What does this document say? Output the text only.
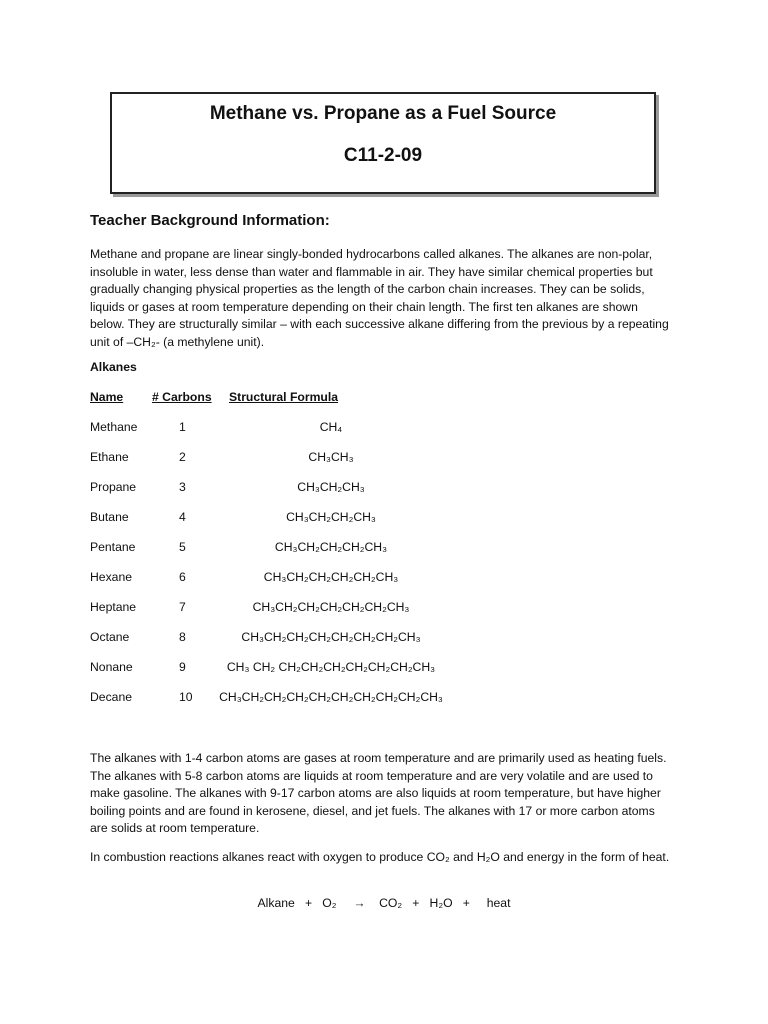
Methane vs. Propane as a Fuel Source
C11-2-09
Teacher Background Information:
Methane and propane are linear singly-bonded hydrocarbons called alkanes. The alkanes are non-polar, insoluble in water, less dense than water and flammable in air. They have similar chemical properties but gradually changing physical properties as the length of the carbon chain increases. They can be solids, liquids or gases at room temperature depending on their chain length. The first ten alkanes are shown below. They are structurally similar – with each successive alkane differing from the previous by a repeating unit of –CH₂- (a methylene unit).
Alkanes
Name # Carbons Structural Formula
Methane	1	CH₄
Ethane	2	CH₃CH₃
Propane	3	CH₃CH₂CH₃
Butane	4	CH₃CH₂CH₂CH₃
Pentane	5	CH₃CH₂CH₂CH₂CH₃
Hexane	6	CH₃CH₂CH₂CH₂CH₂CH₃
Heptane	7	CH₃CH₂CH₂CH₂CH₂CH₂CH₃
Octane	8	CH₃CH₂CH₂CH₂CH₂CH₂CH₂CH₃
Nonane	9	CH₃ CH₂ CH₂CH₂CH₂CH₂CH₂CH₂CH₃
Decane	10	CH₃CH₂CH₂CH₂CH₂CH₂CH₂CH₂CH₂CH₃
The alkanes with 1-4 carbon atoms are gases at room temperature and are primarily used as heating fuels. The alkanes with 5-8 carbon atoms are liquids at room temperature and are very volatile and are used to make gasoline. The alkanes with 9-17 carbon atoms are also liquids at room temperature, but have higher boiling points and are found in kerosene, diesel, and jet fuels. The alkanes with 17 or more carbon atoms are solids at room temperature.
In combustion reactions alkanes react with oxygen to produce CO₂ and H₂O and energy in the form of heat.
Alkane   +   O₂     →    CO₂   +   H₂O   +     heat
